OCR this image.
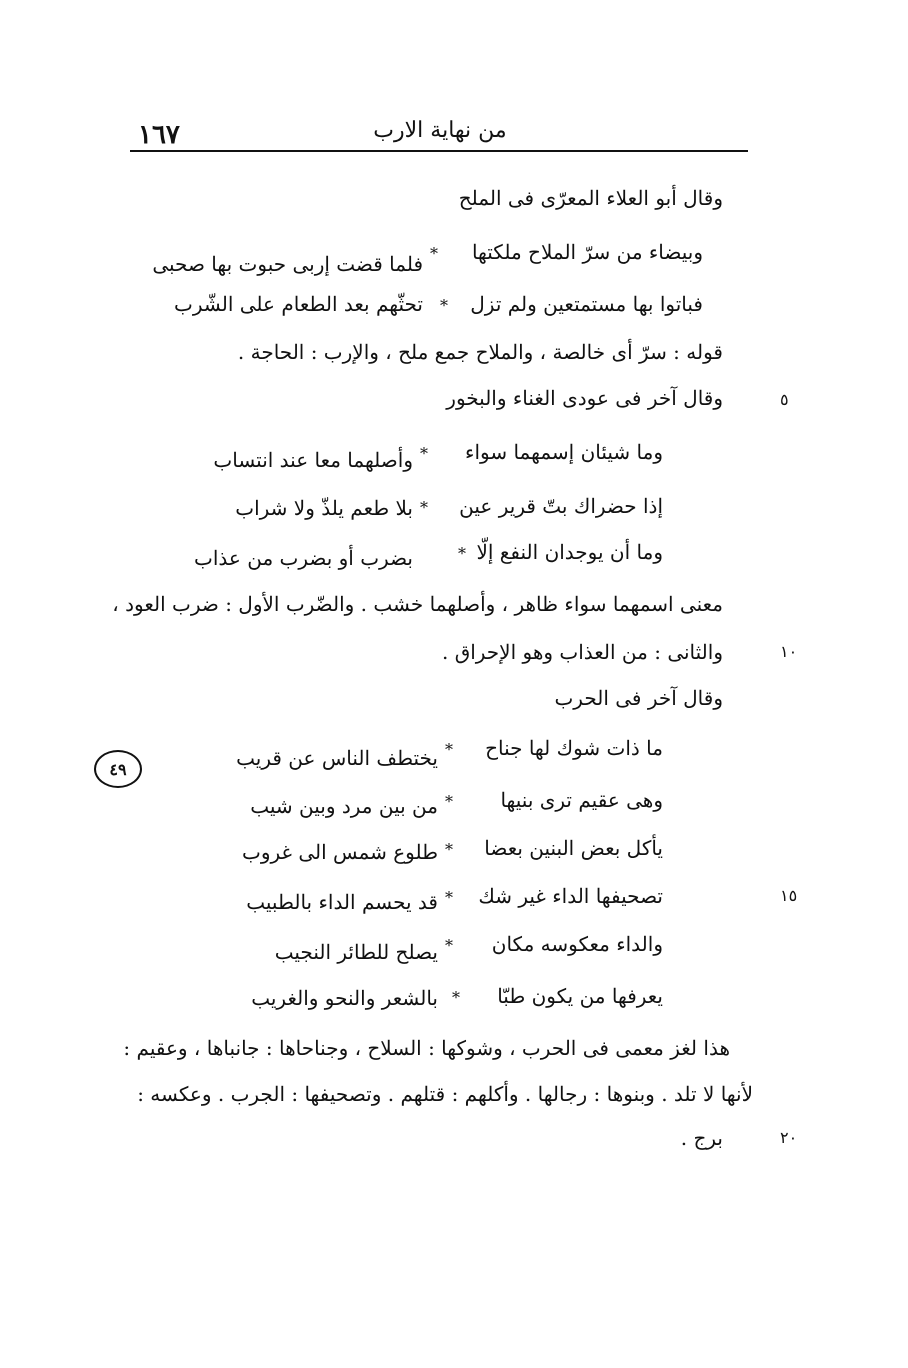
من نهاية الارب
١٦٧
٤٩
وقال أبو العلاء المعرّى فى الملح
وبيضاء من سرّ الملاح ملكتها
*
فلما قضت إربى حبوت بها صحبى
فباتوا بها مستمتعين ولم تزل
*
تحثّهم بعد الطعام على الشّرب
قوله : سرّ أى خالصة ، والملاح جمع ملح ، والإرب : الحاجة .
وقال آخر فى عودى الغناء والبخور	٥
وما شيئان إسمهما سواء
*
وأصلهما معا عند انتساب
إذا حضراك بتّ قرير عين
*
بلا طعم يلذّ ولا شراب
وما أن يوجدان النفع إلّا
*
بضرب أو بضرب من عذاب
معنى اسمهما سواء ظاهر ، وأصلهما خشب . والضّرب الأول : ضرب العود ،
والثانى : من العذاب وهو الإحراق .	١٠
وقال آخر فى الحرب
ما ذات شوك لها جناح
*
يختطف الناس عن قريب
وهى عقيم ترى بنيها
*
من بين مرد وبين شيب
يأكل بعض البنين بعضا
*
طلوع شمس الى غروب
تصحيفها الداء غير شك
*
قد يحسم الداء بالطبيب	١٥
والداء معكوسه مكان
*
يصلح للطائر النجيب
يعرفها من يكون طبّا
*
بالشعر والنحو والغريب
هذا لغز معمى فى الحرب ، وشوكها : السلاح ، وجناحاها : جانباها ، وعقيم :
لأنها لا تلد . وبنوها : رجالها . وأكلهم : قتلهم . وتصحيفها : الجرب . وعكسه :
برج .	٢٠
